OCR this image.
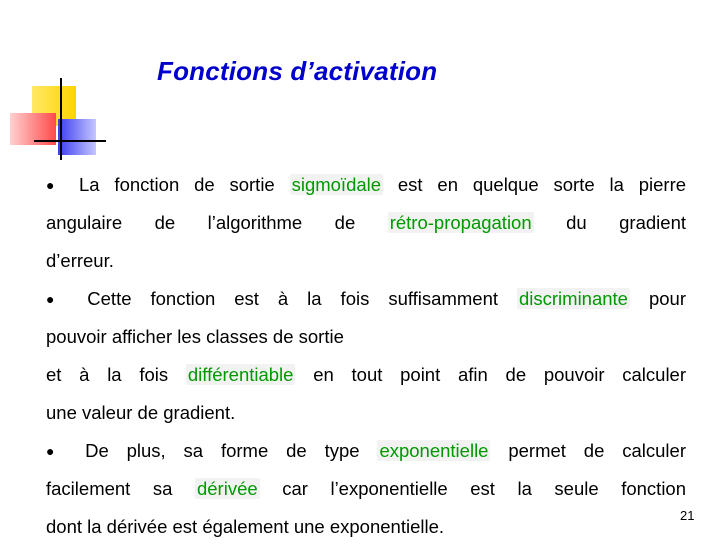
Fonctions d’activation
● La fonction de sortie sigmoïdale est en quelque sorte la pierre
angulaire de l’algorithme de rétro-propagation du gradient
d’erreur.
● Cette fonction est à la fois suffisamment discriminante pour
pouvoir afficher les classes de sortie
et à la fois différentiable en tout point afin de pouvoir calculer
une valeur de gradient.
● De plus, sa forme de type exponentielle permet de calculer
facilement sa dérivée car l’exponentielle est la seule fonction
dont la dérivée est également une exponentielle.
21
